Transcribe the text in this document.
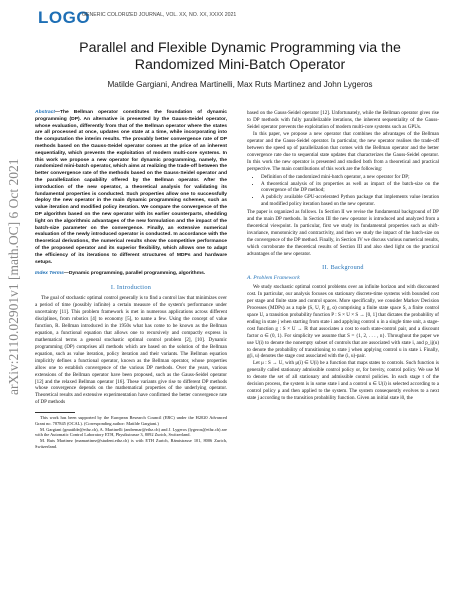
LOGO
GENERIC COLORIZED JOURNAL, VOL. XX, NO. XX, XXXX 2021
arXiv:2110.02901v1 [math.OC] 6 Oct 2021
Parallel and Flexible Dynamic Programming via the
Randomized Mini-Batch Operator
Matilde Gargiani, Andrea Martinelli, Max Ruts Martinez and John Lygeros
Abstract—The Bellman operator constitutes the foundation of dynamic programming (DP). An alternative is presented by the Gauss-Seidel operator, whose evaluation, differently from that of the Bellman operator where the states are all processed at once, updates one state at a time, while incorporating into the computation the interim results. The provably better convergence rate of DP methods based on the Gauss-Seidel operator comes at the price of an inherent sequentiality, which prevents the exploitation of modern multi-core systems. In this work we propose a new operator for dynamic programming, namely, the randomized mini-batch operator, which aims at realizing the trade-off between the better convergence rate of the methods based on the Gauss-Seidel operator and the parallelization capability offered by the Bellman operator. After the introduction of the new operator, a theoretical analysis for validating its fundamental properties is conducted. Such properties allow one to successfully deploy the new operator in the main dynamic programming schemes, such as value iteration and modified policy iteration. We compare the convergence of the DP algorithm based on the new operator with its earlier counterparts, shedding light on the algorithmic advantages of the new formulation and the impact of the batch-size parameter on the convergence. Finally, an extensive numerical evaluation of the newly introduced operator is conducted. In accordance with the theoretical derivations, the numerical results show the competitive performance of the proposed operator and its superior flexibility, which allows one to adapt the efficiency of its iterations to different structures of MDPs and hardware setups.
Index Terms—Dynamic programming, parallel programming, algorithms.
I. Introduction

The goal of stochastic optimal control generally is to find a control law that minimizes over a period of time (possibly infinite) a certain measure of the system's performance under uncertainty [11]. This problem framework is met in numerous applications across different disciplines, from robotics [4] to economy [5], to name a few. Using the concept of value function, R. Bellman introduced in the 1950s what has come to be known as the Bellman equation, a functional equation that allows one to recursively and compactly express in mathematical terms a general stochastic optimal control problem [2], [10]. Dynamic programming (DP) comprises all methods which are based on the solution of the Bellman equation, such as value iteration, policy iteration and their variants. The Bellman equation implicitly defines a functional operator, known as the Bellman operator, whose properties allow one to establish convergence of the various DP methods. Over the years, various extensions of the Bellman operator have been proposed, such as the Gauss-Seidel operator [12] and the relaxed Bellman operator [16]. These variants give rise to different DP methods whose convergence depends on the mathematical properties of the underlying operator. Theoretical results and extensive experimentation have confirmed the better convergence rate of DP methods

This work has been supported by the European Research Council (ERC) under the H2020 Advanced Grant no. 787845 (OCAL). (Corresponding author: Matilde Gargiani.)

M. Gargiani (gmatilde@ethz.ch), A. Martinelli (andremar@ethz.ch) and J. Lygeros (lygeros@ethz.ch) are with the Automatic Control Laboratory ETH, Physikstrasse 3, 8092 Zurich, Switzerland.

M. Ruts Martinez (mamartinez@student.ethz.ch) is with ETH Zurich, Rämistrasse 101, 8006 Zurich, Switzerland.

based on the Gauss-Seidel operator [12]. Unfortunately, while the Bellman operator gives rise to DP methods with fully parallelizable iterations, the inherent sequentiality of the Gauss-Seidel operator prevents the exploitation of modern multi-core systems such as GPUs.

In this paper, we propose a new operator that combines the advantages of the Bellman operator and the Gauss-Seidel operator. In particular, the new operator realises the trade-off between the speed up of parallelization that comes with the Bellman operator and the better convergence rate due to sequential state updates that characterizes the Gauss-Seidel operator. In this work the new operator is presented and studied both from a theoretical and practical perspective. The main contributions of this work are the following:

• Definition of the randomized mini-batch operator, a new operator for DP;
• A theoretical analysis of its properties as well as impact of the batch-size on the convergence of the DP method;
• A publicly available GPU-accelerated Python package that implements value iteration and modified policy iteration based on the new operator.

The paper is organized as follows. In Section II we revise the fundamental background of DP and the main DP methods. In Section III the new operator is introduced and analyzed from a theoretical viewpoint. In particular, first we study its fundamental properties such as shift-invariance, monotonicity and contractivity, and then we study the impact of the batch-size on the convergence of the DP method. Finally, in Section IV we discuss various numerical results, which corroborate the theoretical results of Section III and also shed light on the practical advantages of the new operator.

II. Background
A. Problem Framework

We study stochastic optimal control problems over an infinite horizon and with discounted cost. In particular, our analysis focuses on stationary discrete-time systems with bounded cost per stage and finite state and control spaces. More specifically, we consider Markov Decision Processes (MDPs) as a tuple (S, U, P, g, α) comprising a finite state space S, a finite control space U, a transition probability function P : S × U × S → [0, 1] that dictates the probability of ending in state j when starting from state i and applying control u in a single time unit, a stage-cost function g : S × U → ℝ that associates a cost to each state-control pair, and a discount factor α ∈ (0, 1). For simplicity we assume that S = {1, 2, . . . , n}. Throughout the paper we use U(i) to denote the nonempty subset of controls that are associated with state i, and p_ij(u) to denote the probability of transitioning to state j when applying control u in state i. Finally, g(i, u) denotes the stage cost associated with the (i, u)-pair.

Let μ : S → U, with μ(i) ∈ U(i) be a function that maps states to controls. Such function is generally called stationary admissible control policy or, for brevity, control policy. We use M to denote the set of all stationary and admissible control policies. In each stage t of the decision process, the system is in some state i and a control u ∈ U(i) is selected according to a control policy μ and then applied to the system. The system consequently evolves to a next state j according to the transition probability function. Given an initial state i0, the
